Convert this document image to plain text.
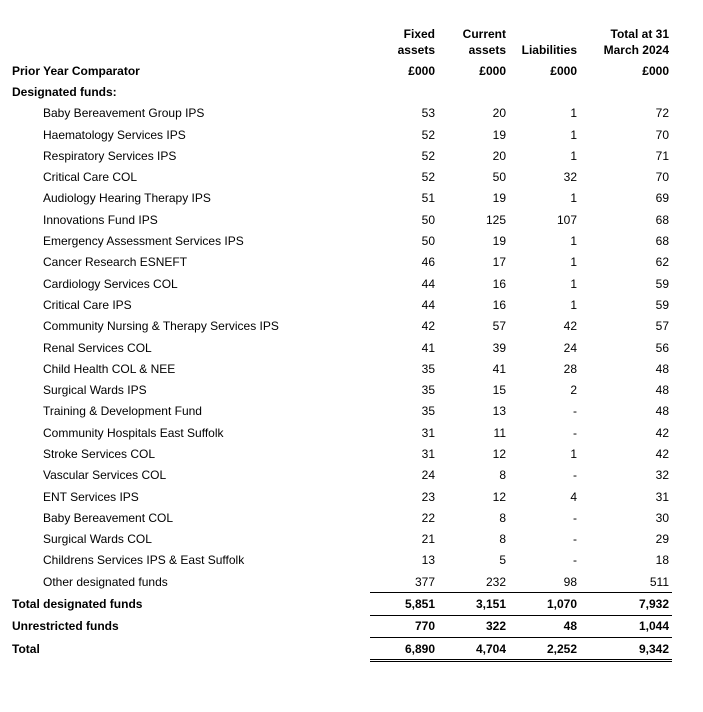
	Fixed assets	Current assets	Liabilities	Total at 31 March 2024
Prior Year Comparator	£000	£000	£000	£000
Designated funds:				
Baby Bereavement Group IPS	53	20	1	72
Haematology Services IPS	52	19	1	70
Respiratory Services IPS	52	20	1	71
Critical Care COL	52	50	32	70
Audiology Hearing Therapy IPS	51	19	1	69
Innovations Fund IPS	50	125	107	68
Emergency Assessment Services IPS	50	19	1	68
Cancer Research ESNEFT	46	17	1	62
Cardiology Services COL	44	16	1	59
Critical Care IPS	44	16	1	59
Community Nursing & Therapy Services IPS	42	57	42	57
Renal Services COL	41	39	24	56
Child Health COL & NEE	35	41	28	48
Surgical Wards IPS	35	15	2	48
Training & Development Fund	35	13	-	48
Community Hospitals East Suffolk	31	11	-	42
Stroke Services COL	31	12	1	42
Vascular Services COL	24	8	-	32
ENT Services IPS	23	12	4	31
Baby Bereavement COL	22	8	-	30
Surgical Wards COL	21	8	-	29
Childrens Services IPS & East Suffolk	13	5	-	18
Other designated funds	377	232	98	511
Total designated funds	5,851	3,151	1,070	7,932
Unrestricted funds	770	322	48	1,044
Total	6,890	4,704	2,252	9,342
